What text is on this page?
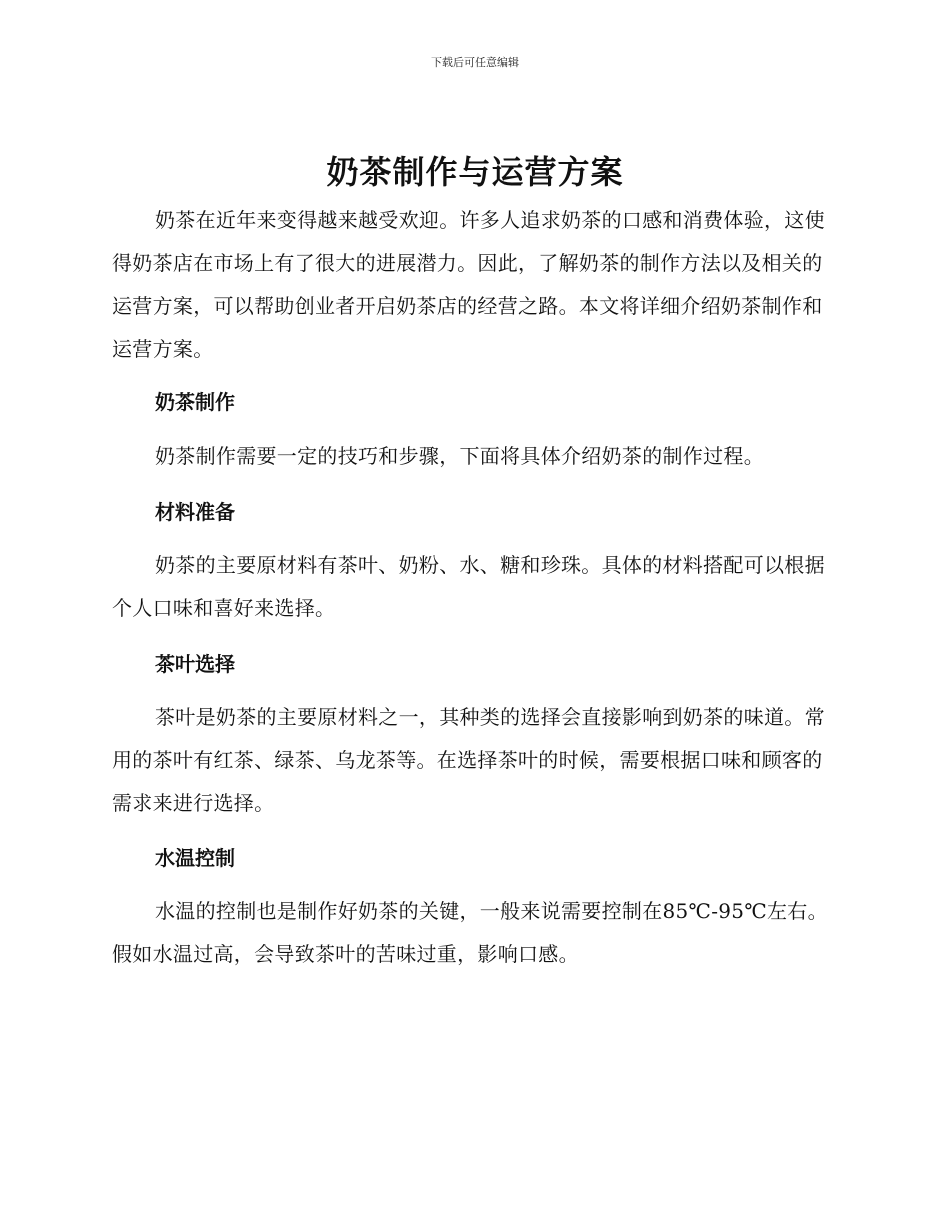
下载后可任意编辑
奶茶制作与运营方案

奶茶在近年来变得越来越受欢迎。许多人追求奶茶的口感和消费体验，这使得奶茶店在市场上有了很大的进展潜力。因此，了解奶茶的制作方法以及相关的运营方案，可以帮助创业者开启奶茶店的经营之路。本文将详细介绍奶茶制作和运营方案。

奶茶制作

奶茶制作需要一定的技巧和步骤，下面将具体介绍奶茶的制作过程。

材料准备

奶茶的主要原材料有茶叶、奶粉、水、糖和珍珠。具体的材料搭配可以根据个人口味和喜好来选择。

茶叶选择

茶叶是奶茶的主要原材料之一，其种类的选择会直接影响到奶茶的味道。常用的茶叶有红茶、绿茶、乌龙茶等。在选择茶叶的时候，需要根据口味和顾客的需求来进行选择。

水温控制

水温的控制也是制作好奶茶的关键，一般来说需要控制在85℃-95℃左右。假如水温过高，会导致茶叶的苦味过重，影响口感。
